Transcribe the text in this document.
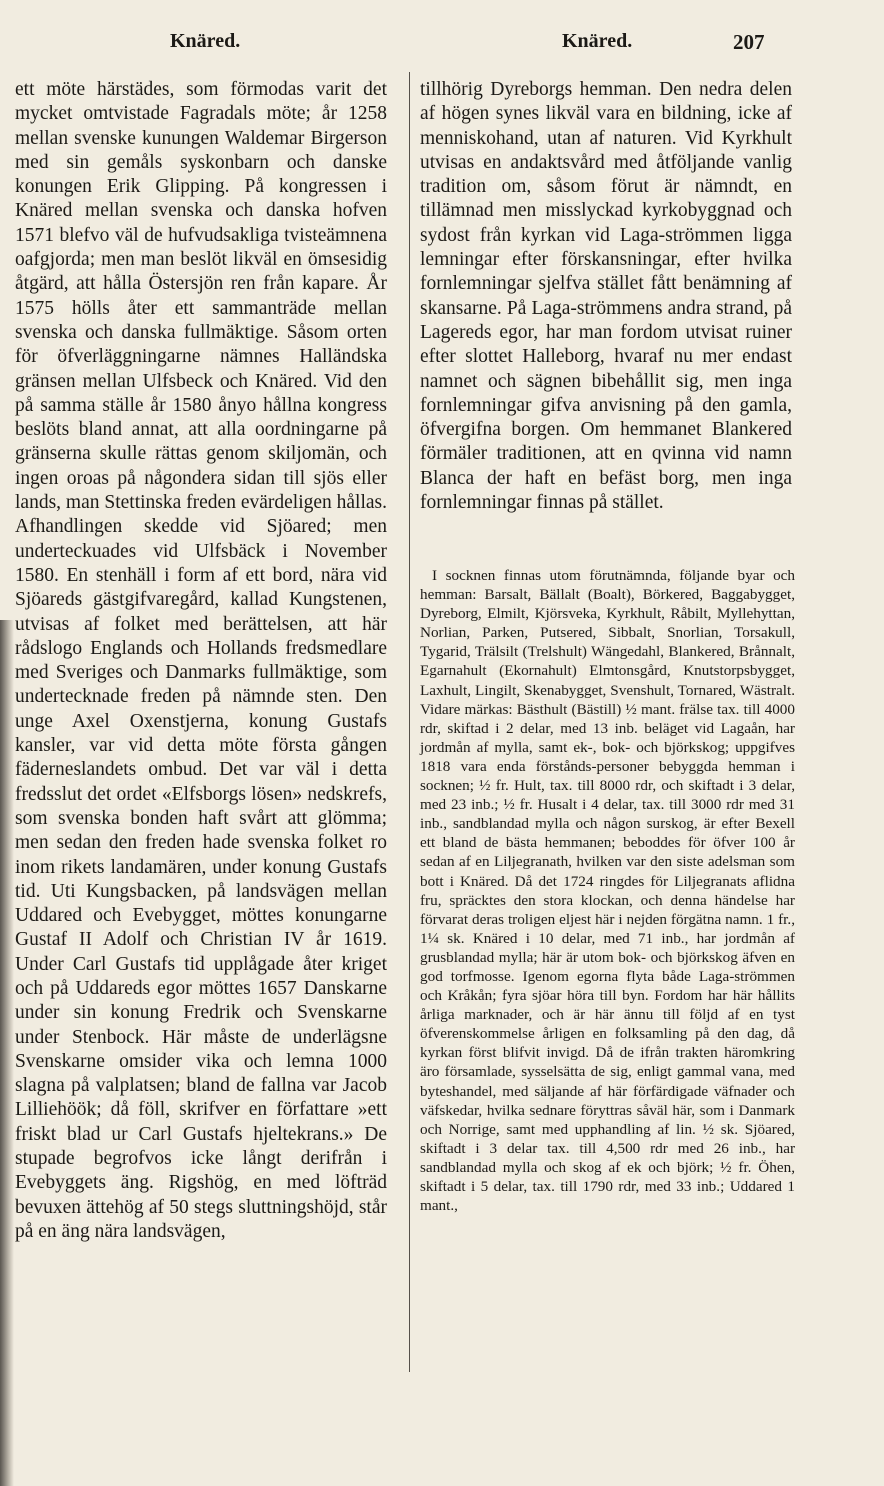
Knäred.	Knäred.	207

ett möte härstädes, som förmodas varit det mycket omtvistade Fagradals möte; år 1258 mellan svenske kunungen Waldemar Birgerson med sin gemåls syskonbarn och danske konungen Erik Glipping. På kongressen i Knäred mellan svenska och danska hofven 1571 blefvo väl de hufvudsakliga tvisteämnena oafgjorda; men man beslöt likväl en ömsesidig åtgärd, att hålla Östersjön ren från kapare. År 1575 hölls åter ett sammanträde mellan svenska och danska fullmäktige. Såsom orten för öfverläggningarne nämnes Halländska gränsen mellan Ulfsbeck och Knäred. Vid den på samma ställe år 1580 ånyo hållna kongress beslöts bland annat, att alla oordningarne på gränserna skulle rättas genom skiljomän, och ingen oroas på någondera sidan till sjös eller lands, man Stettinska freden evärdeligen hållas. Afhandlingen skedde vid Sjöared; men underteckuades vid Ulfsbäck i November 1580. En stenhäll i form af ett bord, nära vid Sjöareds gästgifvaregård, kallad Kungstenen, utvisas af folket med berättelsen, att här rådslogo Englands och Hollands fredsmedlare med Sveriges och Danmarks fullmäktige, som undertecknade freden på nämnde sten. Den unge Axel Oxenstjerna, konung Gustafs kansler, var vid detta möte första gången fäderneslandets ombud. Det var väl i detta fredsslut det ordet «Elfsborgs lösen» nedskrefs, som svenska bonden haft svårt att glömma; men sedan den freden hade svenska folket ro inom rikets landamären, under konung Gustafs tid. Uti Kungsbacken, på landsvägen mellan Uddared och Evebygget, möttes konungarne Gustaf II Adolf och Christian IV år 1619. Under Carl Gustafs tid upplågade åter kriget och på Uddareds egor möttes 1657 Danskarne under sin konung Fredrik och Svenskarne under Stenbock. Här måste de underlägsne Svenskarne omsider vika och lemna 1000 slagna på valplatsen; bland de fallna var Jacob Lilliehöök; då föll, skrifver en författare »ett friskt blad ur Carl Gustafs hjeltekrans.» De stupade begrofvos icke långt derifrån i Evebyggets äng. Rigshög, en med löfträd bevuxen ättehög af 50 stegs sluttningshöjd, står på en äng nära landsvägen,

tillhörig Dyreborgs hemman. Den nedra delen af högen synes likväl vara en bildning, icke af menniskohand, utan af naturen. Vid Kyrkhult utvisas en andaktsvård med åtföljande vanlig tradition om, såsom förut är nämndt, en tillämnad men misslyckad kyrkobyggnad och sydost från kyrkan vid Laga-strömmen ligga lemningar efter förskansningar, efter hvilka fornlemningar sjelfva stället fått benämning af skansarne. På Laga-strömmens andra strand, på Lagereds egor, har man fordom utvisat ruiner efter slottet Halleborg, hvaraf nu mer endast namnet och sägnen bibehållit sig, men inga fornlemningar gifva anvisning på den gamla, öfvergifna borgen. Om hemmanet Blankered förmäler traditionen, att en qvinna vid namn Blanca der haft en befäst borg, men inga fornlemningar finnas på stället.

I socknen finnas utom förutnämnda, följande byar och hemman: Barsalt, Bällalt (Boalt), Börkered, Baggabygget, Dyreborg, Elmilt, Kjörsveka, Kyrkhult, Råbilt, Myllehyttan, Norlian, Parken, Putsered, Sibbalt, Snorlian, Torsakull, Tygarid, Trälsilt (Trelshult) Wängedahl, Blankered, Brånnalt, Egarnahult (Ekornahult) Elmtonsgård, Knutstorpsbygget, Laxhult, Lingilt, Skenabygget, Svenshult, Tornared, Wästralt. Vidare märkas: Bästhult (Bästill) ½ mant. frälse tax. till 4000 rdr, skiftad i 2 delar, med 13 inb. beläget vid Lagaån, har jordmån af mylla, samt ek-, bok- och björkskog; uppgifves 1818 vara enda förstånds-personer bebyggda hemman i socknen; ½ fr. Hult, tax. till 8000 rdr, och skiftadt i 3 delar, med 23 inb.; ½ fr. Husalt i 4 delar, tax. till 3000 rdr med 31 inb., sandblandad mylla och någon surskog, är efter Bexell ett bland de bästa hemmanen; beboddes för öfver 100 år sedan af en Liljegranath, hvilken var den siste adelsman som bott i Knäred. Då det 1724 ringdes för Liljegranats aflidna fru, spräcktes den stora klockan, och denna händelse har förvarat deras troligen eljest här i nejden förgätna namn. 1 fr., 1¼ sk. Knäred i 10 delar, med 71 inb., har jordmån af grusblandad mylla; här är utom bok- och björkskog äfven en god torfmosse. Igenom egorna flyta både Laga-strömmen och Kråkån; fyra sjöar höra till byn. Fordom har här hållits årliga marknader, och är här ännu till följd af en tyst öfverenskommelse årligen en folksamling på den dag, då kyrkan först blifvit invigd. Då de ifrån trakten häromkring äro församlade, sysselsätta de sig, enligt gammal vana, med byteshandel, med säljande af här förfärdigade väfnader och väfskedar, hvilka sednare föryttras såväl här, som i Danmark och Norrige, samt med upphandling af lin. ½ sk. Sjöared, skiftadt i 3 delar tax. till 4,500 rdr med 26 inb., har sandblandad mylla och skog af ek och björk; ½ fr. Öhen, skiftadt i 5 delar, tax. till 1790 rdr, med 33 inb.; Uddared 1 mant.,
